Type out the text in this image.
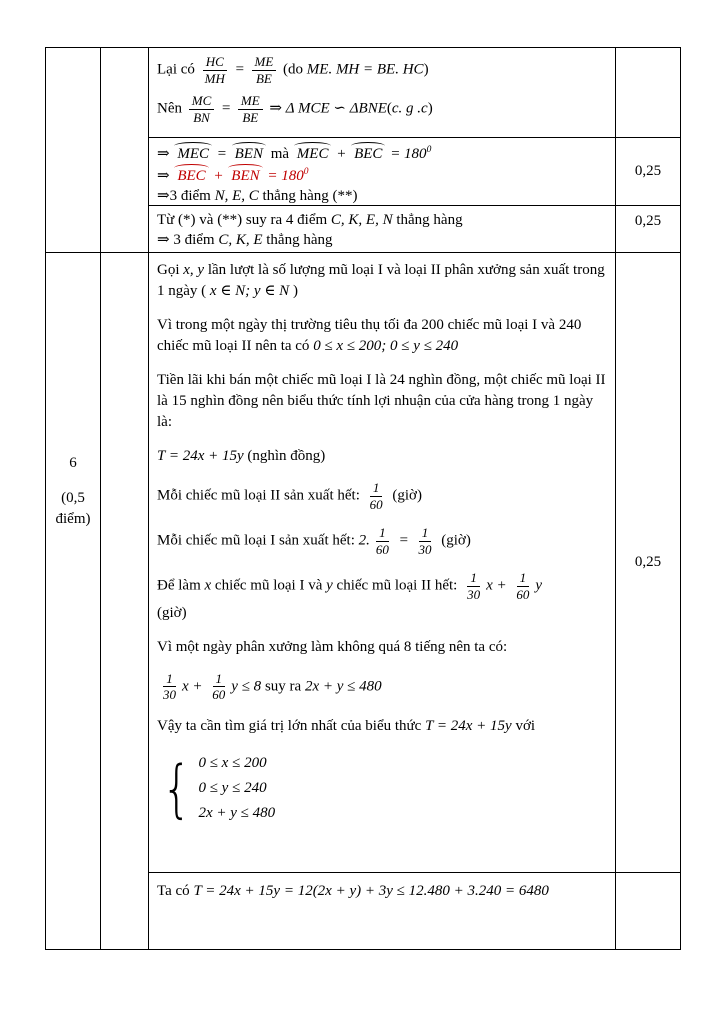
6
(0,5 điểm)
Lại có $\frac{HC}{MH} = \frac{ME}{BE} (do$ ME. MH = BE. HC)
Nên $\frac{MC}{BN} = \frac{ME}{BE}$ ⇒ Δ MCE ∽ ΔBNE(c. g .c)
⇒ MEC = BEN mà MEC + BEC = $180^0$
⇒ BEC + BEN = $180^0$
⇒3 điểm N, E, C thẳng hàng (**)
0,25
Từ (*) và (**) suy ra 4 điểm C, K, E, N thẳng hàng
⇒ 3 điểm C, K, E thẳng hàng
0,25
Gọi x, y lần lượt là số lượng mũ loại I và loại II phân xưởng sản xuất trong 1 ngày ( x ∈ N; y ∈ N )
Vì trong một ngày thị trường tiêu thụ tối đa 200 chiếc mũ loại I và 240 chiếc mũ loại II nên ta có 0 ≤ x ≤ 200; 0 ≤ y ≤ 240
Tiền lãi khi bán một chiếc mũ loại I là 24 nghìn đồng, một chiếc mũ loại II là 15 nghìn đồng nên biểu thức tính lợi nhuận của cửa hàng trong 1 ngày là:
T = 24x + 15y (nghìn đồng)
Mỗi chiếc mũ loại II sản xuất hết: $\frac{1}{60}$ (giờ)
Mỗi chiếc mũ loại I sản xuất hết: 2. $\frac{1}{60} = \frac{1}{30}$ (giờ)
Để làm x chiếc mũ loại I và y chiếc mũ loại II hết: $\frac{1}{30}$ $x + \frac{1}{60}$ y
(giờ)
Vì một ngày phân xưởng làm không quá 8 tiếng nên ta có:
$\frac{1}{30}$ $x + \frac{1}{60}$ y ≤ 8 suy ra 2x + y ≤ 480
Vậy ta cần tìm giá trị lớn nhất của biểu thức T = 24x + 15y với
{ 0 ≤ x ≤ 200
0 ≤ y ≤ 240
2x + y ≤ 480
0,25
Ta có T = 24x + 15y = 12(2x + y) + 3y ≤ 12.480 + 3.240 = 6480
